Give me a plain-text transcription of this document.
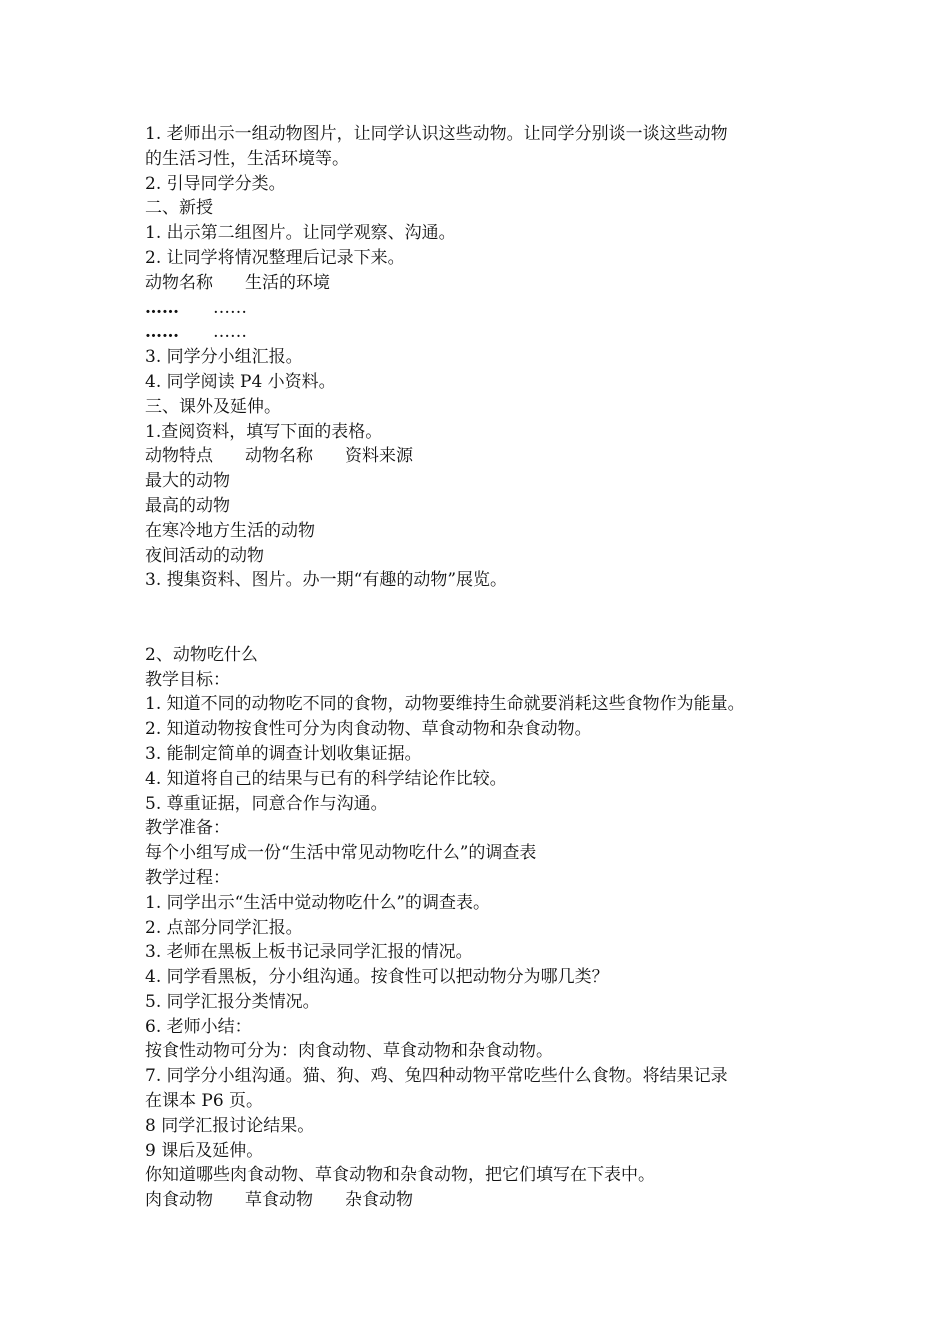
1. 老师出示一组动物图片，让同学认识这些动物。让同学分别谈一谈这些动物
的生活习性，生活环境等。
2. 引导同学分类。
二、新授
1. 出示第二组图片。让同学观察、沟通。
2. 让同学将情况整理后记录下来。
动物名称 生活的环境
…… ……
…… ……
3. 同学分小组汇报。
4. 同学阅读 P4 小资料。
三、课外及延伸。
1.查阅资料，填写下面的表格。
动物特点 动物名称 资料来源
最大的动物
最高的动物
在寒冷地方生活的动物
夜间活动的动物
3. 搜集资料、图片。办一期“有趣的动物”展览。
2、动物吃什么
教学目标：
1. 知道不同的动物吃不同的食物，动物要维持生命就要消耗这些食物作为能量。
2. 知道动物按食性可分为肉食动物、草食动物和杂食动物。
3. 能制定简单的调查计划收集证据。
4. 知道将自己的结果与已有的科学结论作比较。
5. 尊重证据，同意合作与沟通。
教学准备：
每个小组写成一份“生活中常见动物吃什么”的调查表
教学过程：
1. 同学出示“生活中觉动物吃什么”的调查表。
2. 点部分同学汇报。
3. 老师在黑板上板书记录同学汇报的情况。
4. 同学看黑板，分小组沟通。按食性可以把动物分为哪几类？
5. 同学汇报分类情况。
6. 老师小结：
按食性动物可分为：肉食动物、草食动物和杂食动物。
7. 同学分小组沟通。猫、狗、鸡、兔四种动物平常吃些什么食物。将结果记录
在课本 P6 页。
8 同学汇报讨论结果。
9 课后及延伸。
你知道哪些肉食动物、草食动物和杂食动物，把它们填写在下表中。
肉食动物 草食动物 杂食动物
